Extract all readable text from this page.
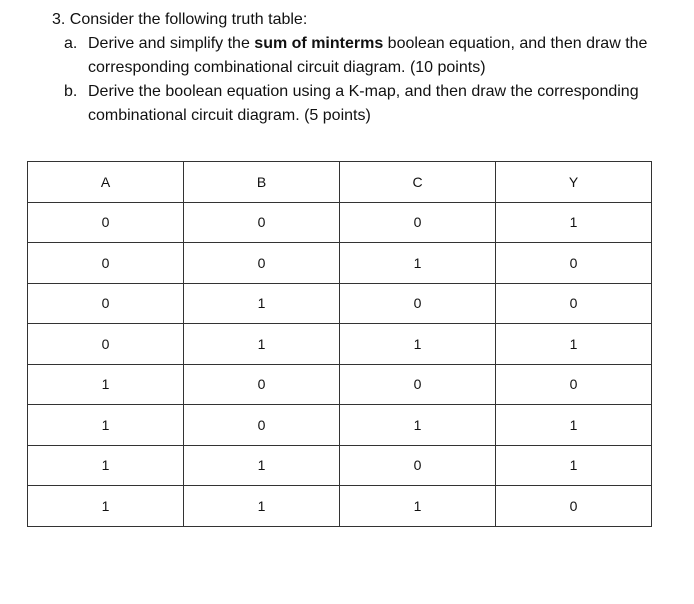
3. Consider the following truth table:

a. Derive and simplify the sum of minterms boolean equation, and then draw the corresponding combinational circuit diagram. (10 points)
b. Derive the boolean equation using a K-map, and then draw the corresponding combinational circuit diagram. (5 points)
A	B	C	Y
0	0	0	1
0	0	1	0
0	1	0	0
0	1	1	1
1	0	0	0
1	0	1	1
1	1	0	1
1	1	1	0
